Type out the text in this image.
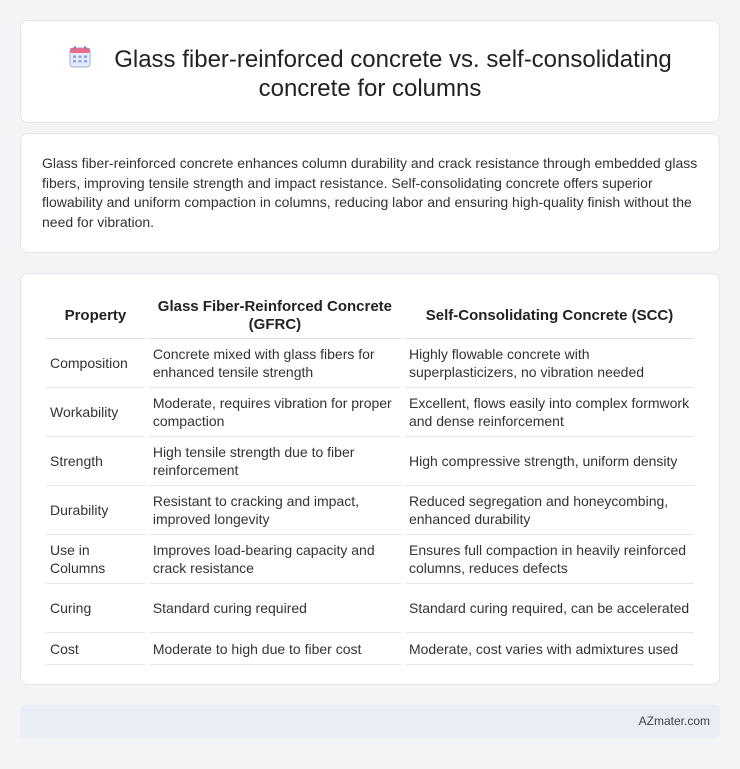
Glass fiber-reinforced concrete vs. self-consolidating concrete for columns

Glass fiber-reinforced concrete enhances column durability and crack resistance through embedded glass fibers, improving tensile strength and impact resistance. Self-consolidating concrete offers superior flowability and uniform compaction in columns, reducing labor and ensuring high-quality finish without the need for vibration.

Property	Glass Fiber-Reinforced Concrete (GFRC)	Self-Consolidating Concrete (SCC)
Composition	Concrete mixed with glass fibers for enhanced tensile strength	Highly flowable concrete with superplasticizers, no vibration needed
Workability	Moderate, requires vibration for proper compaction	Excellent, flows easily into complex formwork and dense reinforcement
Strength	High tensile strength due to fiber reinforcement	High compressive strength, uniform density
Durability	Resistant to cracking and impact, improved longevity	Reduced segregation and honeycombing, enhanced durability
Use in Columns	Improves load-bearing capacity and crack resistance	Ensures full compaction in heavily reinforced columns, reduces defects
Curing	Standard curing required	Standard curing required, can be accelerated
Cost	Moderate to high due to fiber cost	Moderate, cost varies with admixtures used
AZmater.com
